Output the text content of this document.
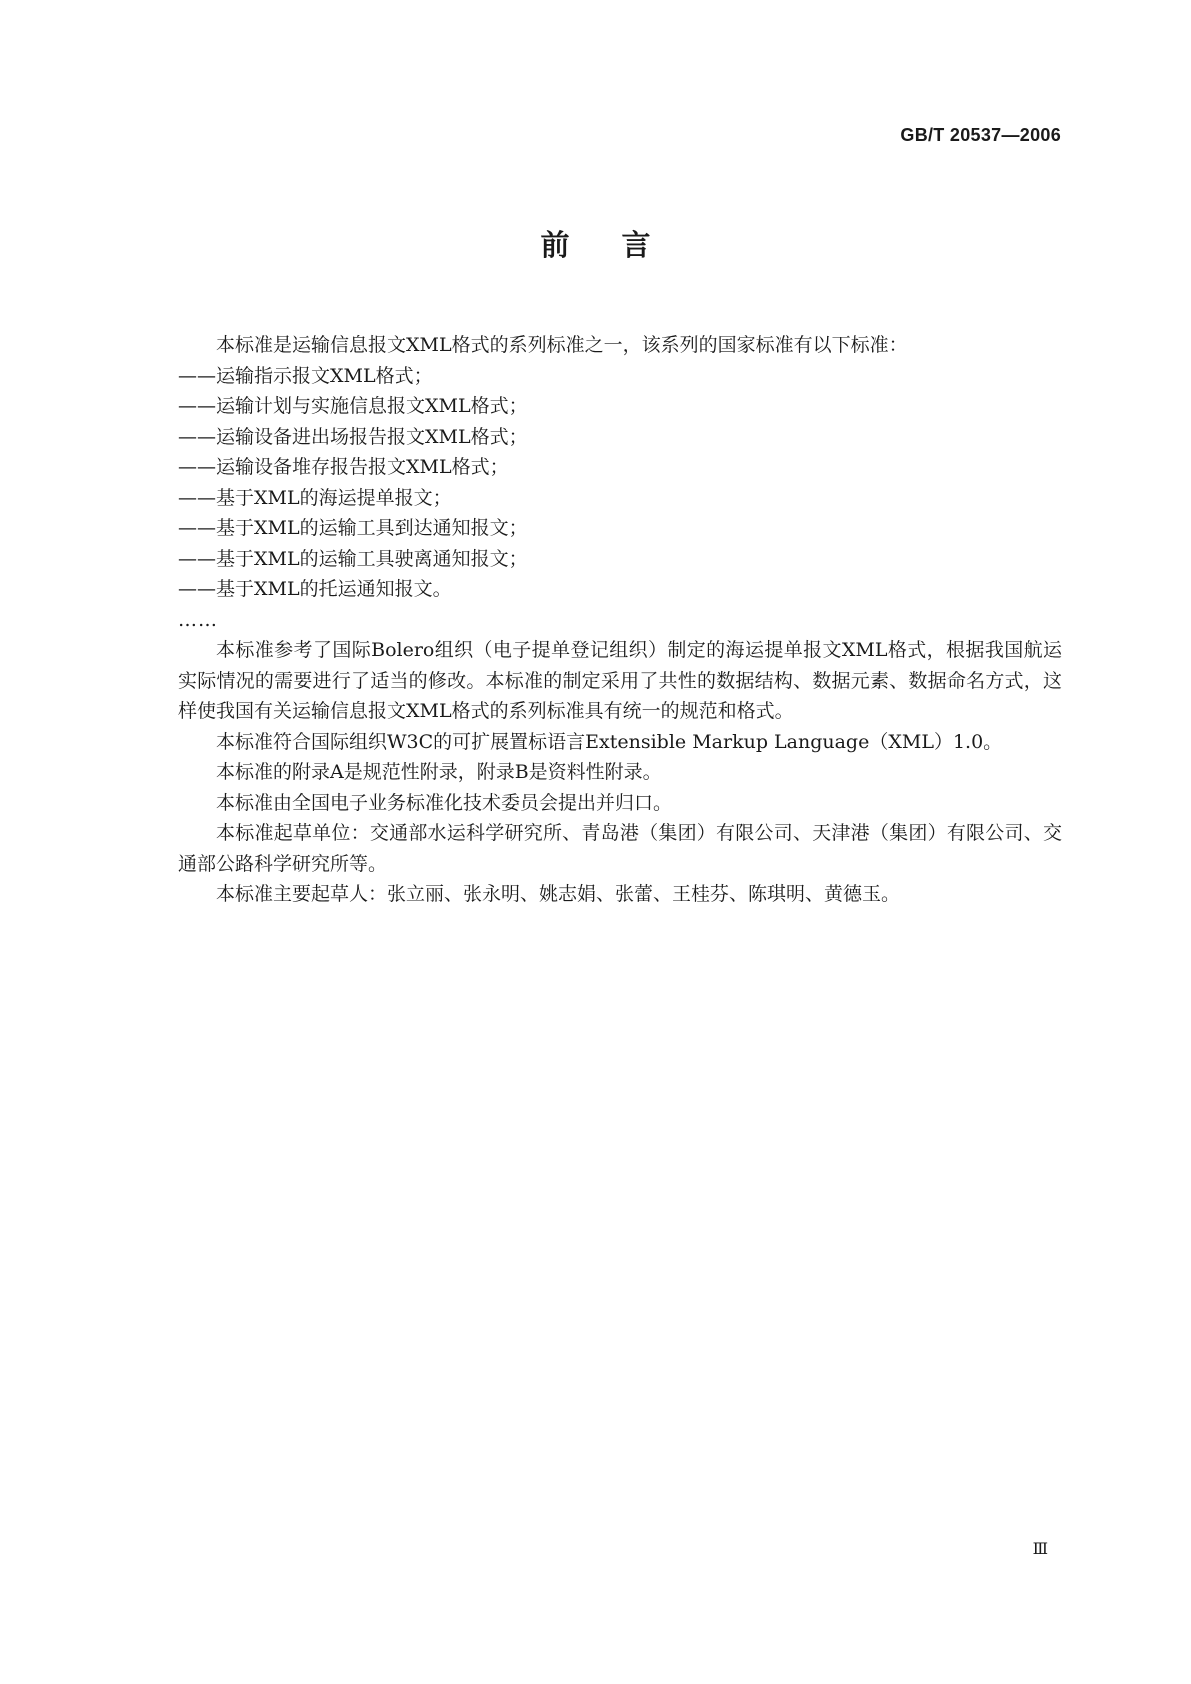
GB/T 20537—2006
前言

本标准是运输信息报文XML格式的系列标准之一，该系列的国家标准有以下标准：

——运输指示报文XML格式；

——运输计划与实施信息报文XML格式；

——运输设备进出场报告报文XML格式；

——运输设备堆存报告报文XML格式；

——基于XML的海运提单报文；

——基于XML的运输工具到达通知报文；

——基于XML的运输工具驶离通知报文；

——基于XML的托运通知报文。

……

本标准参考了国际Bolero组织（电子提单登记组织）制定的海运提单报文XML格式，根据我国航运实际情况的需要进行了适当的修改。本标准的制定采用了共性的数据结构、数据元素、数据命名方式，这样使我国有关运输信息报文XML格式的系列标准具有统一的规范和格式。

本标准符合国际组织W3C的可扩展置标语言Extensible Markup Language（XML）1.0。

本标准的附录A是规范性附录，附录B是资料性附录。

本标准由全国电子业务标准化技术委员会提出并归口。

本标准起草单位：交通部水运科学研究所、青岛港（集团）有限公司、天津港（集团）有限公司、交通部公路科学研究所等。

本标准主要起草人：张立丽、张永明、姚志娟、张蕾、王桂芬、陈琪明、黄德玉。

Ⅲ
